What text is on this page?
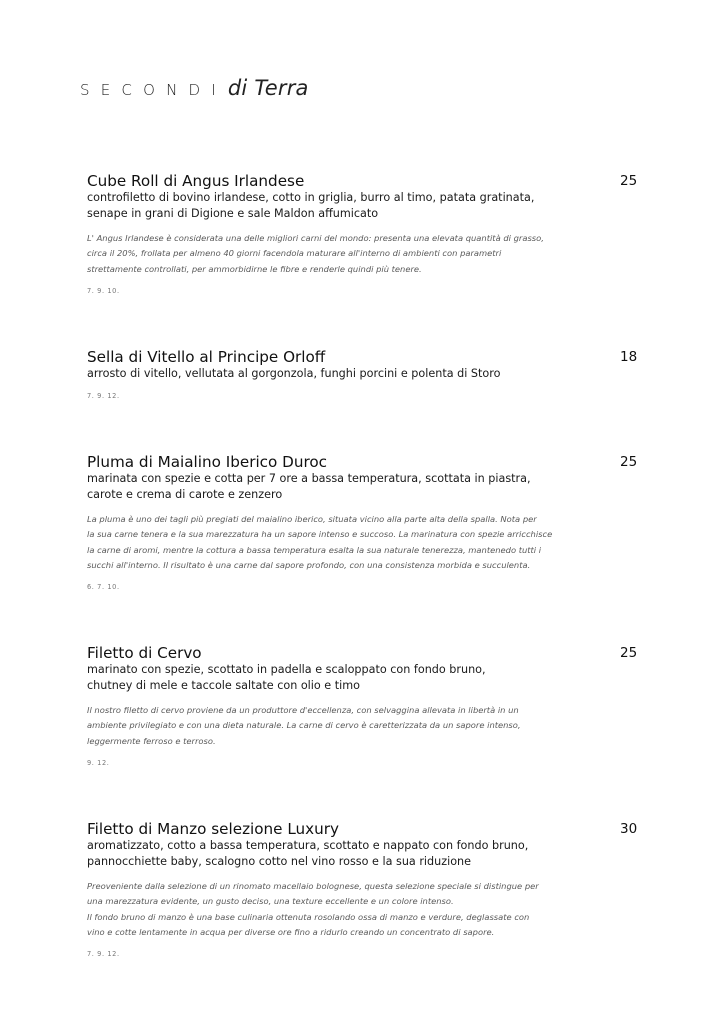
SECONDI di Terra
Cube Roll di Angus Irlandese	25
controfiletto di bovino irlandese, cotto in griglia, burro al timo, patata gratinata,
senape in grani di Digione e sale Maldon affumicato
L' Angus Irlandese è considerata una delle migliori carni del mondo: presenta una elevata quantità di grasso,
circa il 20%, frollata per almeno 40 giorni facendola maturare all'interno di ambienti con parametri
strettamente controllati, per ammorbidirne le fibre e renderle quindi più tenere.
7. 9. 10.
Sella di Vitello al Principe Orloff	18
arrosto di vitello, vellutata al gorgonzola, funghi porcini e polenta di Storo
7. 9. 12.
Pluma di Maialino Iberico Duroc	25
marinata con spezie e cotta per 7 ore a bassa temperatura, scottata in piastra,
carote e crema di carote e zenzero
La pluma è uno dei tagli più pregiati del maialino iberico, situata vicino alla parte alta della spalla. Nota per
la sua carne tenera e la sua marezzatura ha un sapore intenso e succoso. La marinatura con spezie arricchisce
la carne di aromi, mentre la cottura a bassa temperatura esalta la sua naturale tenerezza, mantenedo tutti i
succhi all'interno. Il risultato è una carne dal sapore profondo, con una consistenza morbida e succulenta.
6. 7. 10.
Filetto di Cervo	25
marinato con spezie, scottato in padella e scaloppato con fondo bruno,
chutney di mele e taccole saltate con olio e timo
Il nostro filetto di cervo proviene da un produttore d'eccellenza, con selvaggina allevata in libertà in un
ambiente privilegiato e con una dieta naturale. La carne di cervo è caretterizzata da un sapore intenso,
leggermente ferroso e terroso.
9. 12.
Filetto di Manzo selezione Luxury	30
aromatizzato, cotto a bassa temperatura, scottato e nappato con fondo bruno,
pannocchiette baby, scalogno cotto nel vino rosso e la sua riduzione
Preoveniente dalla selezione di un rinomato macellaio bolognese, questa selezione speciale si distingue per
una marezzatura evidente, un gusto deciso, una texture eccellente e un colore intenso.
Il fondo bruno di manzo è una base culinaria ottenuta rosolando ossa di manzo e verdure, deglassate con
vino e cotte lentamente in acqua per diverse ore fino a ridurlo creando un concentrato di sapore.
7. 9. 12.
